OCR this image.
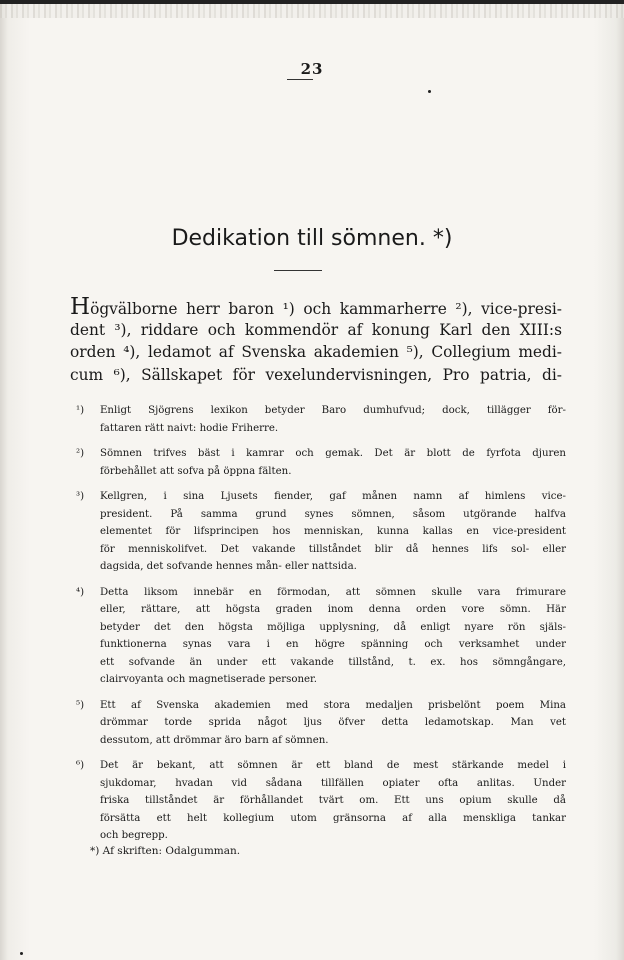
23
Dedikation till sömnen. *)
Högvälborne herr baron ¹) och kammarherre ²), vice-presi-
dent ³), riddare och kommendör af konung Karl den XIII:s
orden ⁴), ledamot af Svenska akademien ⁵), Collegium medi-
cum ⁶), Sällskapet för vexelundervisningen, Pro patria, di-
¹) Enligt Sjögrens lexikon betyder Baro dumhufvud; dock, tillägger för-
fattaren rätt naivt: hodie Friherre.
²) Sömnen trifves bäst i kamrar och gemak. Det är blott de fyrfota djuren
förbehållet att sofva på öppna fälten.
³) Kellgren, i sina Ljusets fiender, gaf månen namn af himlens vice-
president. På samma grund synes sömnen, såsom utgörande halfva
elementet för lifsprincipen hos menniskan, kunna kallas en vice-president
för menniskolifvet. Det vakande tillståndet blir då hennes lifs sol- eller
dagsida, det sofvande hennes mån- eller nattsida.
⁴) Detta liksom innebär en förmodan, att sömnen skulle vara frimurare
eller, rättare, att högsta graden inom denna orden vore sömn. Här
betyder det den högsta möjliga upplysning, då enligt nyare rön själs-
funktionerna synas vara i en högre spänning och verksamhet under
ett sofvande än under ett vakande tillstånd, t. ex. hos sömngångare,
clairvoyanta och magnetiserade personer.
⁵) Ett af Svenska akademien med stora medaljen prisbelönt poem Mina
drömmar torde sprida något ljus öfver detta ledamotskap. Man vet
dessutom, att drömmar äro barn af sömnen.
⁶) Det är bekant, att sömnen är ett bland de mest stärkande medel i
sjukdomar, hvadan vid sådana tillfällen opiater ofta anlitas. Under
friska tillståndet är förhållandet tvärt om. Ett uns opium skulle då
försätta ett helt kollegium utom gränsorna af alla menskliga tankar
och begrepp.
*) Af skriften: Odalgumman.
